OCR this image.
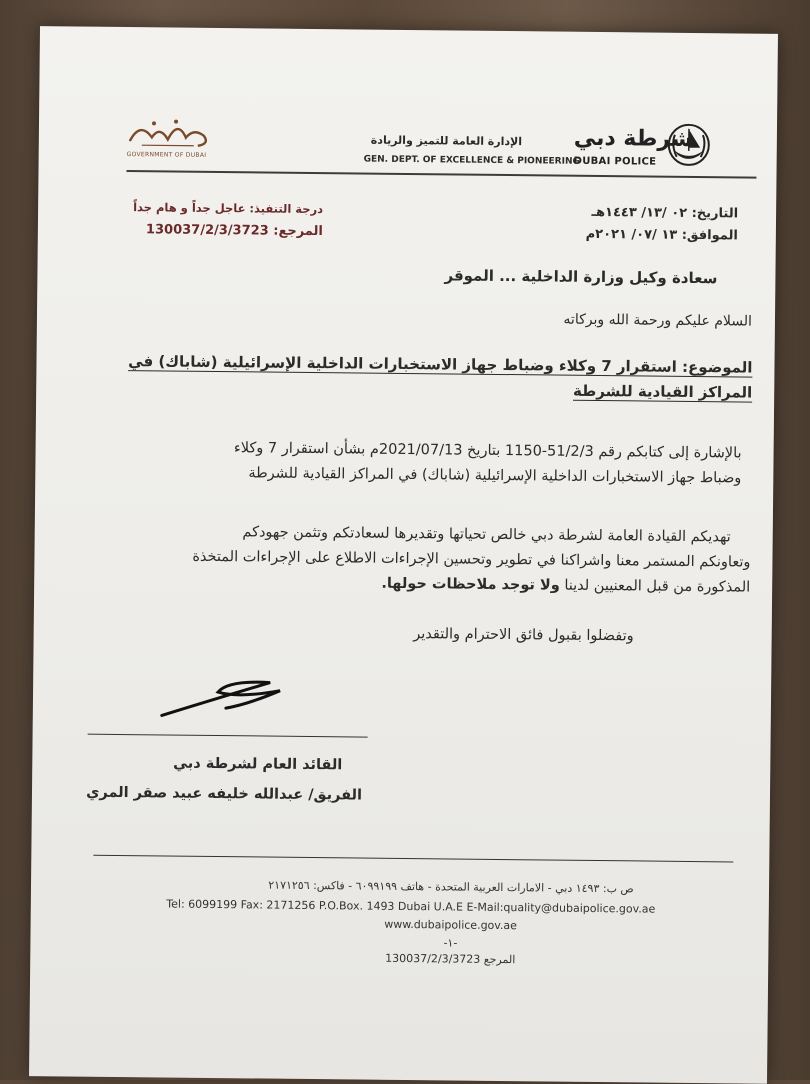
شرطة دبي
DUBAI POLICE
الإدارة العامة للتميز والريادة
GEN. DEPT. OF EXCELLENCE & PIONEERING
GOVERNMENT OF DUBAI
التاريخ: ٠٢ /١٣/ ١٤٤٣هـ
الموافق: ١٣ /٠٧/ ٢٠٢١م
درجة التنفيذ: عاجل جداً و هام جداً
المرجع: 130037/2/3/3723
سعادة وكيل وزارة الداخلية ... الموقر
السلام عليكم ورحمة الله وبركاته
الموضوع: استقرار 7 وكلاء وضباط جهاز الاستخبارات الداخلية الإسرائيلية (شاباك) في
المراكز القيادية للشرطة
بالإشارة إلى كتابكم رقم 51/2/3-1150 بتاريخ 2021/07/13م بشأن استقرار 7 وكلاء
وضباط جهاز الاستخبارات الداخلية الإسرائيلية (شاباك) في المراكز القيادية للشرطة
تهديكم القيادة العامة لشرطة دبي خالص تحياتها وتقديرها لسعادتكم وتثمن جهودكم
وتعاونكم المستمر معنا واشراكنا في تطوير وتحسين الإجراءات الاطلاع على الإجراءات المتخذة
المذكورة من قبل المعنيين لدينا ولا توجد ملاحظات حولها.
وتفضلوا بقبول فائق الاحترام والتقدير
القائد العام لشرطة دبي
الفريق/ عبدالله خليفه عبيد صقر المري
ص ب: ١٤٩٣ دبي - الامارات العربية المتحدة - هاتف ٦٠٩٩١٩٩ - فاكس: ٢١٧١٢٥٦
Tel: 6099199 Fax: 2171256 P.O.Box. 1493 Dubai U.A.E E-Mail:quality@dubaipolice.gov.ae
www.dubaipolice.gov.ae
-١-
المرجع 130037/2/3/3723
